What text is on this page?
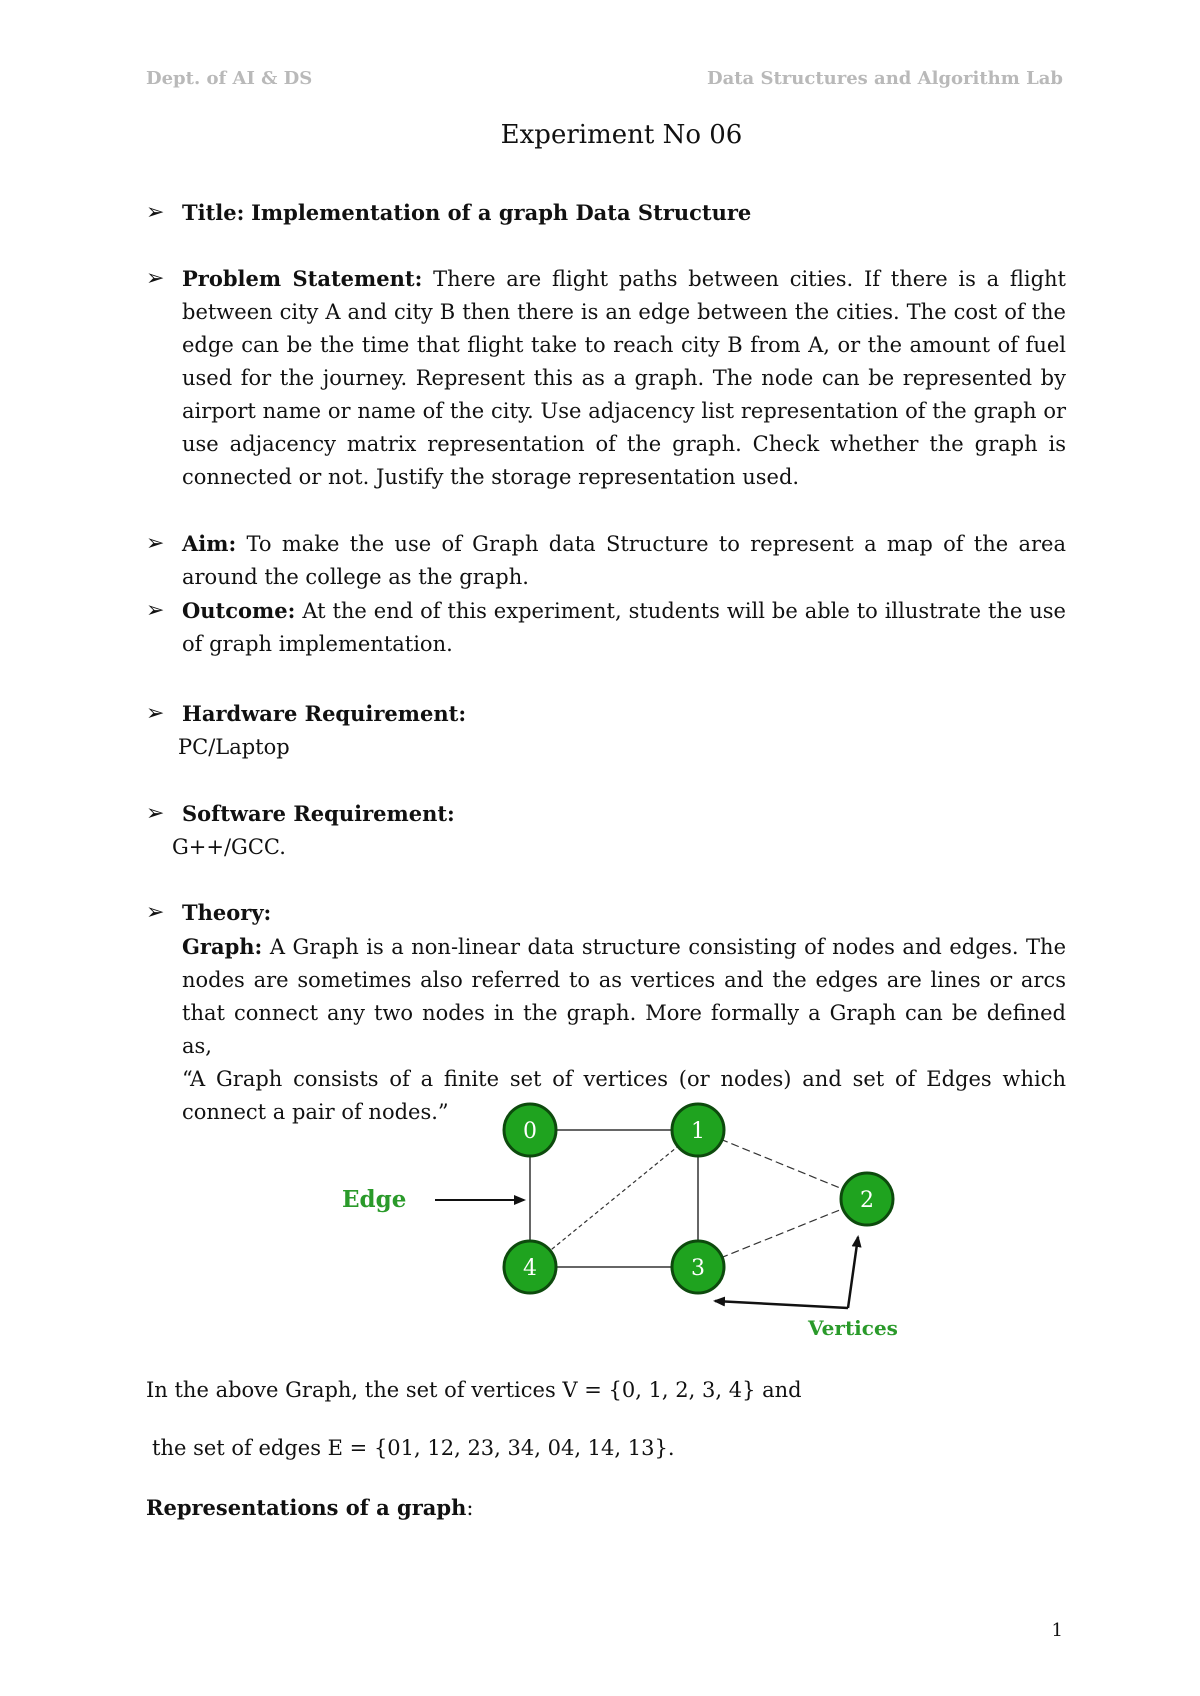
Dept. of AI & DS	Data Structures and Algorithm Lab
Experiment No 06
➢ Title: Implementation of a graph Data Structure
➢ Problem Statement: There are flight paths between cities. If there is a flight between city A and city B then there is an edge between the cities. The cost of the edge can be the time that flight take to reach city B from A, or the amount of fuel used for the journey. Represent this as a graph. The node can be represented by airport name or name of the city. Use adjacency list representation of the graph or use adjacency matrix representation of the graph. Check whether the graph is connected or not. Justify the storage representation used.
➢ Aim: To make the use of Graph data Structure to represent a map of the area around the college as the graph.
➢ Outcome: At the end of this experiment, students will be able to illustrate the use of graph implementation.
➢ Hardware Requirement:
PC/Laptop
➢ Software Requirement:
G++/GCC.
➢ Theory:
Graph: A Graph is a non-linear data structure consisting of nodes and edges. The nodes are sometimes also referred to as vertices and the edges are lines or arcs that connect any two nodes in the graph. More formally a Graph can be defined as,
“A Graph consists of a finite set of vertices (or nodes) and set of Edges which connect a pair of nodes.”
0	1
2
3
4
Edge
Vertices
In the above Graph, the set of vertices V = {0, 1, 2, 3, 4} and
the set of edges E = {01, 12, 23, 34, 04, 14, 13}.
Representations of a graph:
1
